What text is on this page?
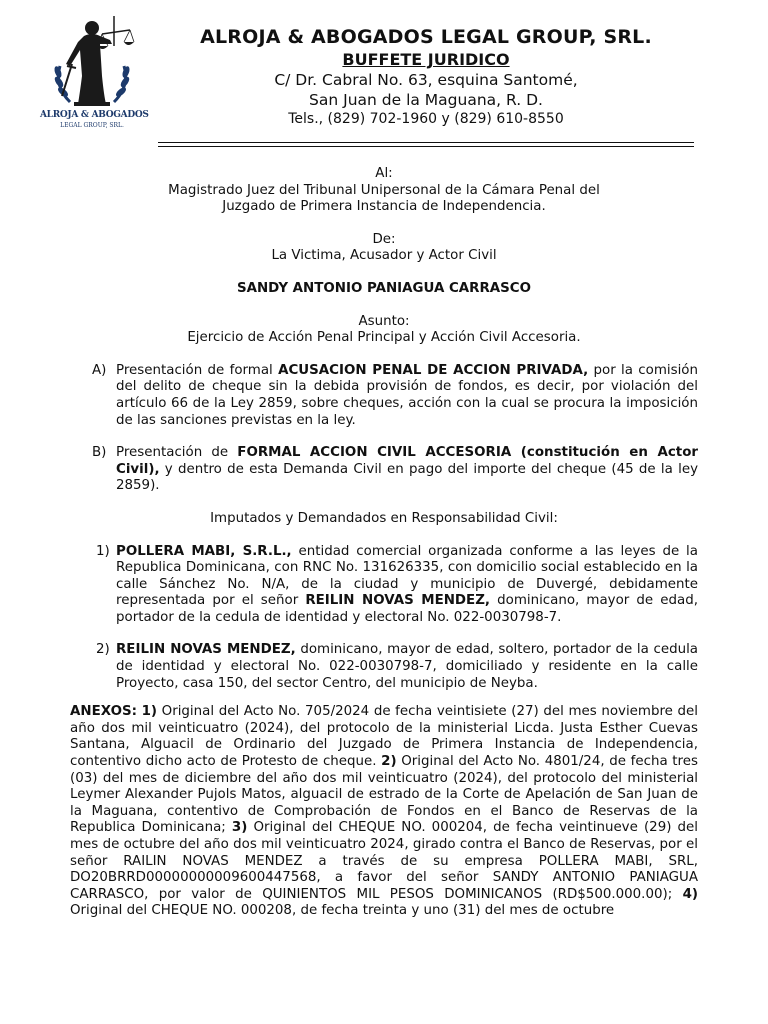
ALROJA & ABOGADOS
LEGAL GROUP, SRL.
ALROJA & ABOGADOS LEGAL GROUP, SRL.
BUFFETE JURIDICO
C/ Dr. Cabral No. 63, esquina Santomé,
San Juan de la Maguana, R. D.
Tels., (829) 702-1960 y (829) 610-8550
Al:
Magistrado Juez del Tribunal Unipersonal de la Cámara Penal del
Juzgado de Primera Instancia de Independencia.
De:
La Victima, Acusador y Actor Civil
SANDY ANTONIO PANIAGUA CARRASCO
Asunto:
Ejercicio de Acción Penal Principal y Acción Civil Accesoria.
A) Presentación de formal ACUSACION PENAL DE ACCION PRIVADA, por la comisión del delito de cheque sin la debida provisión de fondos, es decir, por violación del artículo 66 de la Ley 2859, sobre cheques, acción con la cual se procura la imposición de las sanciones previstas en la ley.
B) Presentación de FORMAL ACCION CIVIL ACCESORIA (constitución en Actor Civil), y dentro de esta Demanda Civil en pago del importe del cheque (45 de la ley 2859).
Imputados y Demandados en Responsabilidad Civil:
1) POLLERA MABI, S.R.L., entidad comercial organizada conforme a las leyes de la Republica Dominicana, con RNC No. 131626335, con domicilio social establecido en la calle Sánchez No. N/A, de la ciudad y municipio de Duvergé, debidamente representada por el señor REILIN NOVAS MENDEZ, dominicano, mayor de edad, portador de la cedula de identidad y electoral No. 022-0030798-7.
2) REILIN NOVAS MENDEZ, dominicano, mayor de edad, soltero, portador de la cedula de identidad y electoral No. 022-0030798-7, domiciliado y residente en la calle Proyecto, casa 150, del sector Centro, del municipio de Neyba.
ANEXOS: 1) Original del Acto No. 705/2024 de fecha veintisiete (27) del mes noviembre del año dos mil veinticuatro (2024), del protocolo de la ministerial Licda. Justa Esther Cuevas Santana, Alguacil de Ordinario del Juzgado de Primera Instancia de Independencia, contentivo dicho acto de Protesto de cheque. 2) Original del Acto No. 4801/24, de fecha tres (03) del mes de diciembre del año dos mil veinticuatro (2024), del protocolo del ministerial Leymer Alexander Pujols Matos, alguacil de estrado de la Corte de Apelación de San Juan de la Maguana, contentivo de Comprobación de Fondos en el Banco de Reservas de la Republica Dominicana; 3) Original del CHEQUE NO. 000204, de fecha veintinueve (29) del mes de octubre del año dos mil veinticuatro 2024, girado contra el Banco de Reservas, por el señor RAILIN NOVAS MENDEZ a través de su empresa POLLERA MABI, SRL, DO20BRRD00000000009600447568, a favor del señor SANDY ANTONIO PANIAGUA CARRASCO, por valor de QUINIENTOS MIL PESOS DOMINICANOS (RD$500.000.00); 4) Original del CHEQUE NO. 000208, de fecha treinta y uno (31) del mes de octubre
